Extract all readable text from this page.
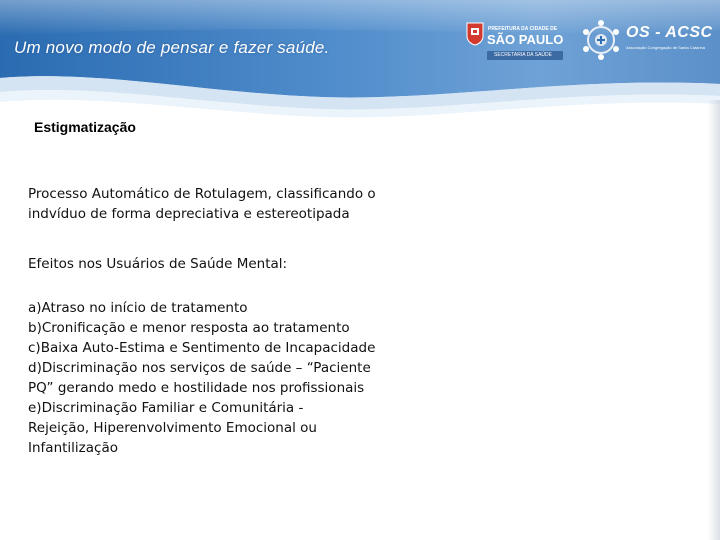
Um novo modo de pensar e fazer saúde.
PREFEITURA DA CIDADE DE
SÃO PAULO
SECRETARIA DA SAÚDE
OS - ACSC
Associação Congregação de Santa Catarina
Estigmatização

Processo Automático de Rotulagem, classificando o

indvíduo de forma depreciativa e estereotipada

Efeitos nos Usuários de Saúde Mental:

a)Atraso no início de tratamento

b)Cronificação e menor resposta ao tratamento

c)Baixa Auto-Estima e Sentimento de Incapacidade

d)Discriminação nos serviços de saúde – “Paciente

PQ” gerando medo e hostilidade nos profissionais

e)Discriminação Familiar e Comunitária -

Rejeição, Hiperenvolvimento Emocional ou

Infantilização
